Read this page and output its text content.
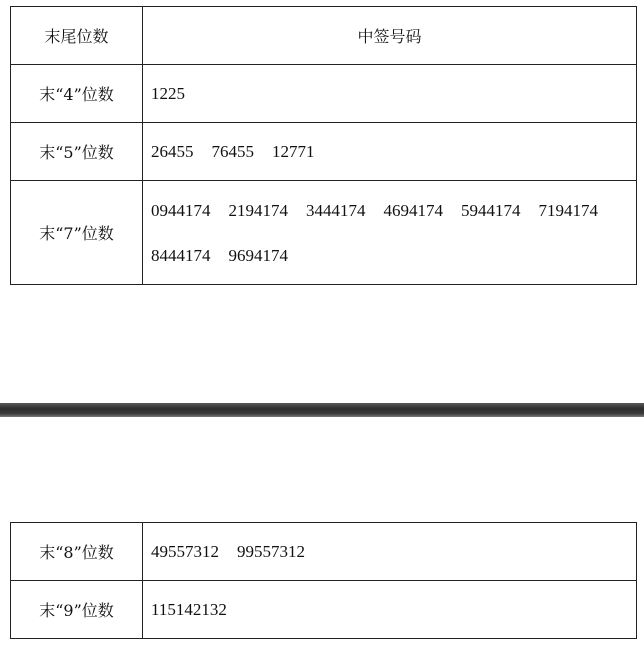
末尾位数	中签号码
末“4”位数	1225
末“5”位数	26455 76455 12771
末“7”位数	0944174 2194174 3444174 4694174 5944174 7194174
8444174 9694174
末“8”位数	49557312 99557312
末“9”位数	115142132
